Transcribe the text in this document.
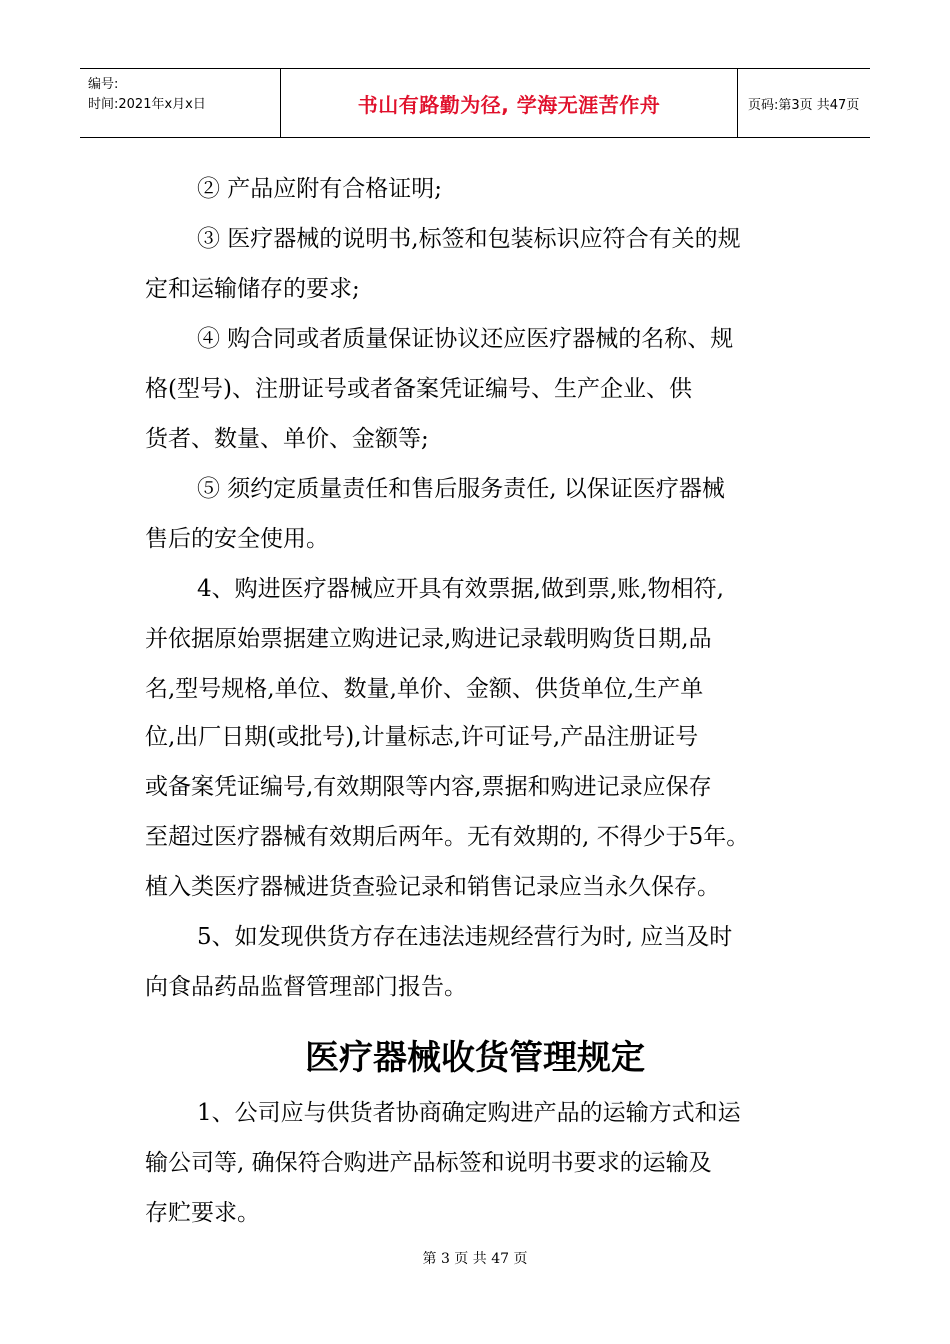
编号:
时间:2021年x月x日	书山有路勤为径, 学海无涯苦作舟	页码:第3页 共47页
② 产品应附有合格证明;
③ 医疗器械的说明书,标签和包装标识应符合有关的规
定和运输储存的要求;
④ 购合同或者质量保证协议还应医疗器械的名称、规
格(型号)、注册证号或者备案凭证编号、生产企业、供
货者、数量、单价、金额等;
⑤ 须约定质量责任和售后服务责任, 以保证医疗器械
售后的安全使用。
4、购进医疗器械应开具有效票据,做到票,账,物相符,
并依据原始票据建立购进记录,购进记录载明购货日期,品
名,型号规格,单位、数量,单价、金额、供货单位,生产单
位,出厂日期(或批号),计量标志,许可证号,产品注册证号
或备案凭证编号,有效期限等内容,票据和购进记录应保存
至超过医疗器械有效期后两年。无有效期的, 不得少于5年。
植入类医疗器械进货查验记录和销售记录应当永久保存。
5、如发现供货方存在违法违规经营行为时, 应当及时
向食品药品监督管理部门报告。
医疗器械收货管理规定
1、公司应与供货者协商确定购进产品的运输方式和运
输公司等, 确保符合购进产品标签和说明书要求的运输及
存贮要求。
第 3 页 共 47 页
